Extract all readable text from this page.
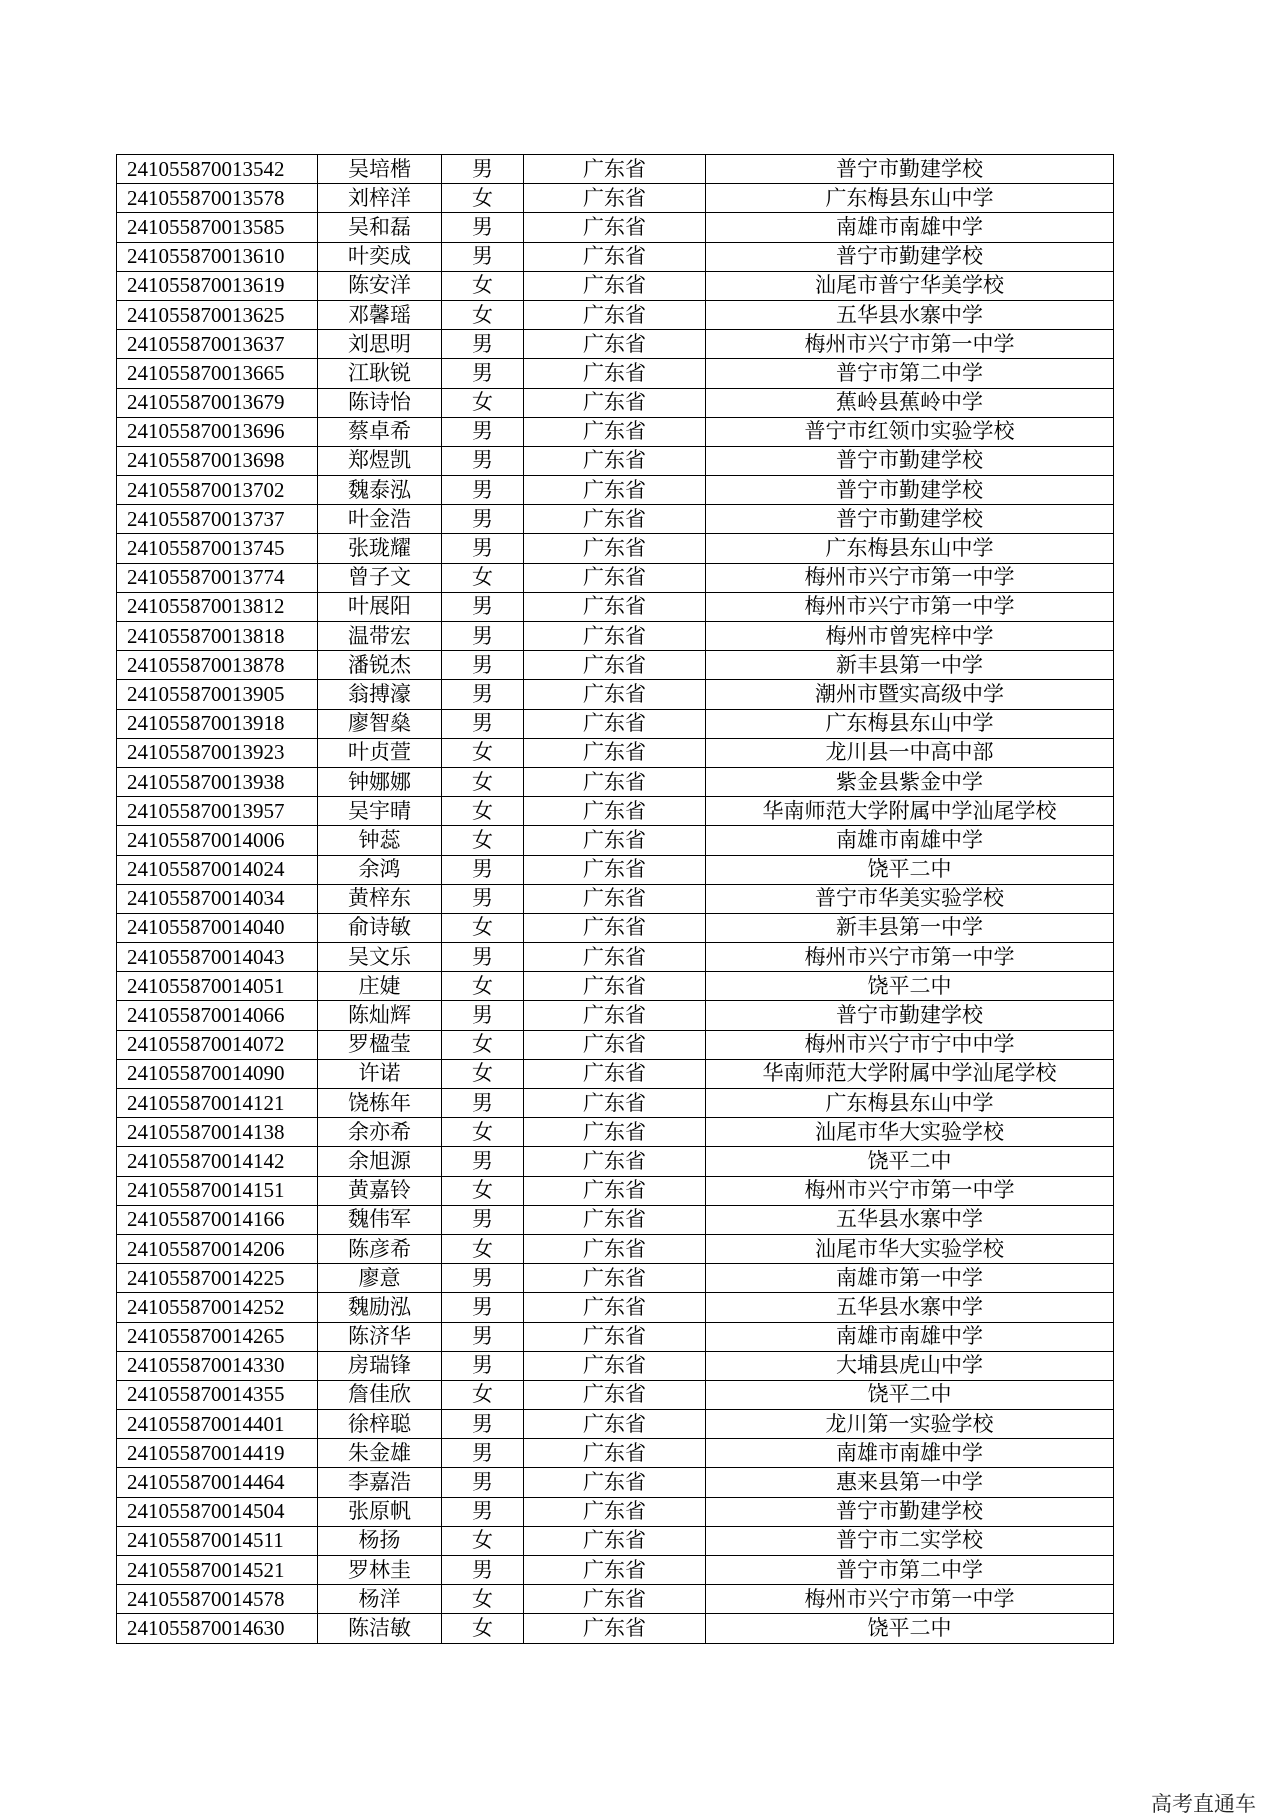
241055870013542	吴培楷	男	广东省	普宁市勤建学校
241055870013578	刘梓洋	女	广东省	广东梅县东山中学
241055870013585	吴和磊	男	广东省	南雄市南雄中学
241055870013610	叶奕成	男	广东省	普宁市勤建学校
241055870013619	陈安洋	女	广东省	汕尾市普宁华美学校
241055870013625	邓馨瑶	女	广东省	五华县水寨中学
241055870013637	刘思明	男	广东省	梅州市兴宁市第一中学
241055870013665	江耿锐	男	广东省	普宁市第二中学
241055870013679	陈诗怡	女	广东省	蕉岭县蕉岭中学
241055870013696	蔡卓希	男	广东省	普宁市红领巾实验学校
241055870013698	郑煜凯	男	广东省	普宁市勤建学校
241055870013702	魏泰泓	男	广东省	普宁市勤建学校
241055870013737	叶金浩	男	广东省	普宁市勤建学校
241055870013745	张珑耀	男	广东省	广东梅县东山中学
241055870013774	曾子文	女	广东省	梅州市兴宁市第一中学
241055870013812	叶展阳	男	广东省	梅州市兴宁市第一中学
241055870013818	温带宏	男	广东省	梅州市曾宪梓中学
241055870013878	潘锐杰	男	广东省	新丰县第一中学
241055870013905	翁搏濠	男	广东省	潮州市暨实高级中学
241055870013918	廖智燊	男	广东省	广东梅县东山中学
241055870013923	叶贞萱	女	广东省	龙川县一中高中部
241055870013938	钟娜娜	女	广东省	紫金县紫金中学
241055870013957	吴宇晴	女	广东省	华南师范大学附属中学汕尾学校
241055870014006	钟蕊	女	广东省	南雄市南雄中学
241055870014024	余鸿	男	广东省	饶平二中
241055870014034	黄梓东	男	广东省	普宁市华美实验学校
241055870014040	俞诗敏	女	广东省	新丰县第一中学
241055870014043	吴文乐	男	广东省	梅州市兴宁市第一中学
241055870014051	庄婕	女	广东省	饶平二中
241055870014066	陈灿辉	男	广东省	普宁市勤建学校
241055870014072	罗楹莹	女	广东省	梅州市兴宁市宁中中学
241055870014090	许诺	女	广东省	华南师范大学附属中学汕尾学校
241055870014121	饶栋年	男	广东省	广东梅县东山中学
241055870014138	余亦希	女	广东省	汕尾市华大实验学校
241055870014142	余旭源	男	广东省	饶平二中
241055870014151	黄嘉铃	女	广东省	梅州市兴宁市第一中学
241055870014166	魏伟军	男	广东省	五华县水寨中学
241055870014206	陈彦希	女	广东省	汕尾市华大实验学校
241055870014225	廖意	男	广东省	南雄市第一中学
241055870014252	魏励泓	男	广东省	五华县水寨中学
241055870014265	陈济华	男	广东省	南雄市南雄中学
241055870014330	房瑞锋	男	广东省	大埔县虎山中学
241055870014355	詹佳欣	女	广东省	饶平二中
241055870014401	徐梓聪	男	广东省	龙川第一实验学校
241055870014419	朱金雄	男	广东省	南雄市南雄中学
241055870014464	李嘉浩	男	广东省	惠来县第一中学
241055870014504	张原帆	男	广东省	普宁市勤建学校
241055870014511	杨扬	女	广东省	普宁市二实学校
241055870014521	罗林圭	男	广东省	普宁市第二中学
241055870014578	杨洋	女	广东省	梅州市兴宁市第一中学
241055870014630	陈洁敏	女	广东省	饶平二中
高考直通车
